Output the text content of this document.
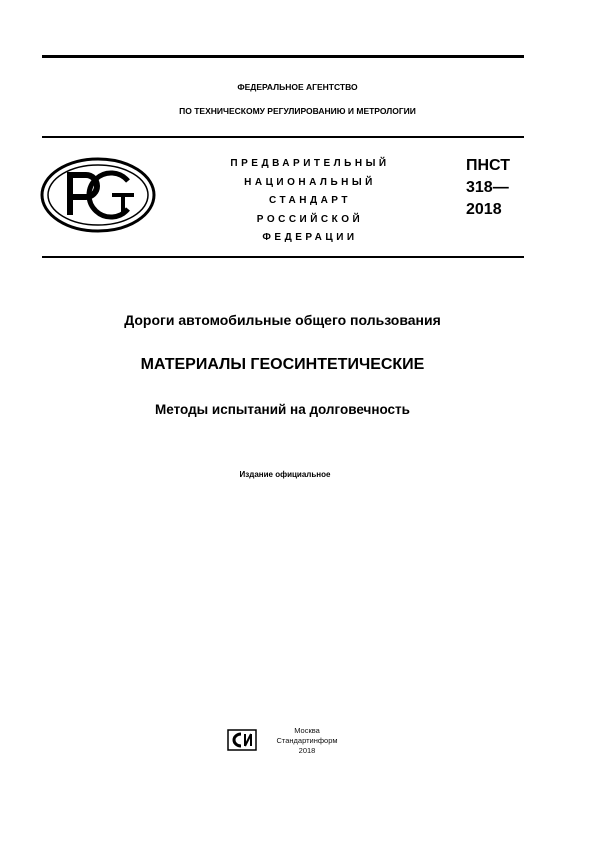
ФЕДЕРАЛЬНОЕ АГЕНТСТВО
ПО ТЕХНИЧЕСКОМУ РЕГУЛИРОВАНИЮ И МЕТРОЛОГИИ
ПРЕДВАРИТЕЛЬНЫЙ
НАЦИОНАЛЬНЫЙ
СТАНДАРТ
РОССИЙСКОЙ
ФЕДЕРАЦИИ
ПНСТ
318—
2018
Дороги автомобильные общего пользования
МАТЕРИАЛЫ ГЕОСИНТЕТИЧЕСКИЕ
Методы испытаний на долговечность
Издание официальное
Москва
Стандартинформ
2018
